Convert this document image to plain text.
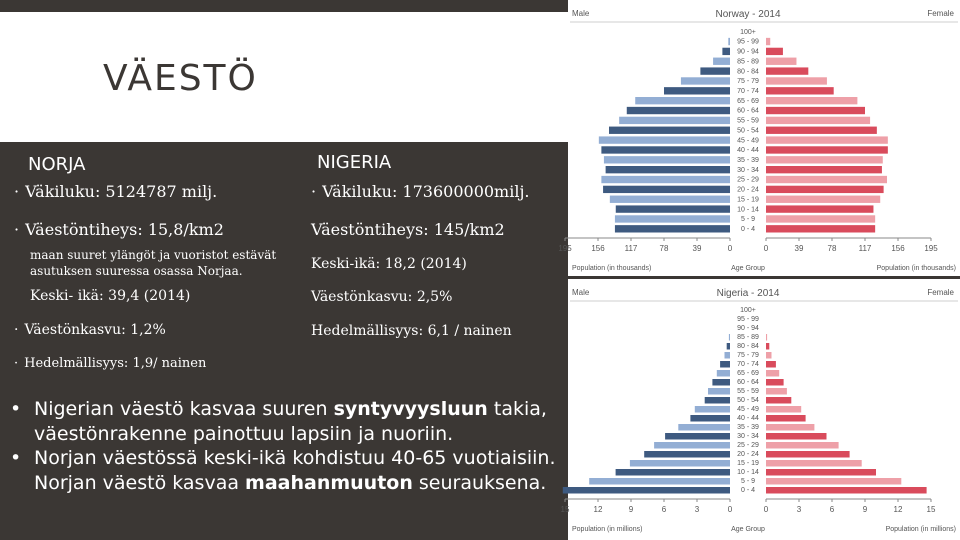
VÄESTÖ
NORJA
· Väkiluku: 5124787 milj.
· Väestöntiheys: 15,8/km2
maan suuret ylängöt ja vuoristot estävät
asutuksen suuressa osassa Norjaa.
Keski- ikä: 39,4 (2014)
· Väestönkasvu: 1,2%
· Hedelmällisyys: 1,9/ nainen
NIGERIA
· Väkiluku: 173600000milj.
Väestöntiheys: 145/km2
Keski-ikä: 18,2 (2014)
Väestönkasvu: 2,5%
Hedelmällisyys: 6,1 / nainen
• Nigerian väestö kasvaa suuren syntyvyysluun takia, väestönrakenne painottuu lapsiin ja nuoriin.
• Norjan väestössä keski-ikä kohdistuu 40-65 vuotiaisiin. Norjan väestö kasvaa maahanmuuton seurauksena.
Male	Norway - 2014	Female
100+
95 - 99
90 - 94
85 - 89
80 - 84
75 - 79
70 - 74
65 - 69
60 - 64
55 - 59
50 - 54
45 - 49
40 - 44
35 - 39
30 - 34
25 - 29
20 - 24
15 - 19
10 - 14
5 - 9
0 - 4
195 156 117	78	39	0	0	39	78	117 156 195
Population (in thousands)	Age Group	Population (in thousands)
Male	Nigeria - 2014	Female
100+
95 - 99
90 - 94
85 - 89
80 - 84
75 - 79
70 - 74
65 - 69
60 - 64
55 - 59
50 - 54
45 - 49
40 - 44
35 - 39
30 - 34
25 - 29
20 - 24
15 - 19
10 - 14
5 - 9
0 - 4
15	12	9	6	3	0	0	3	6	9	12	15
Population (in millions)	Age Group	Population (in millions)
